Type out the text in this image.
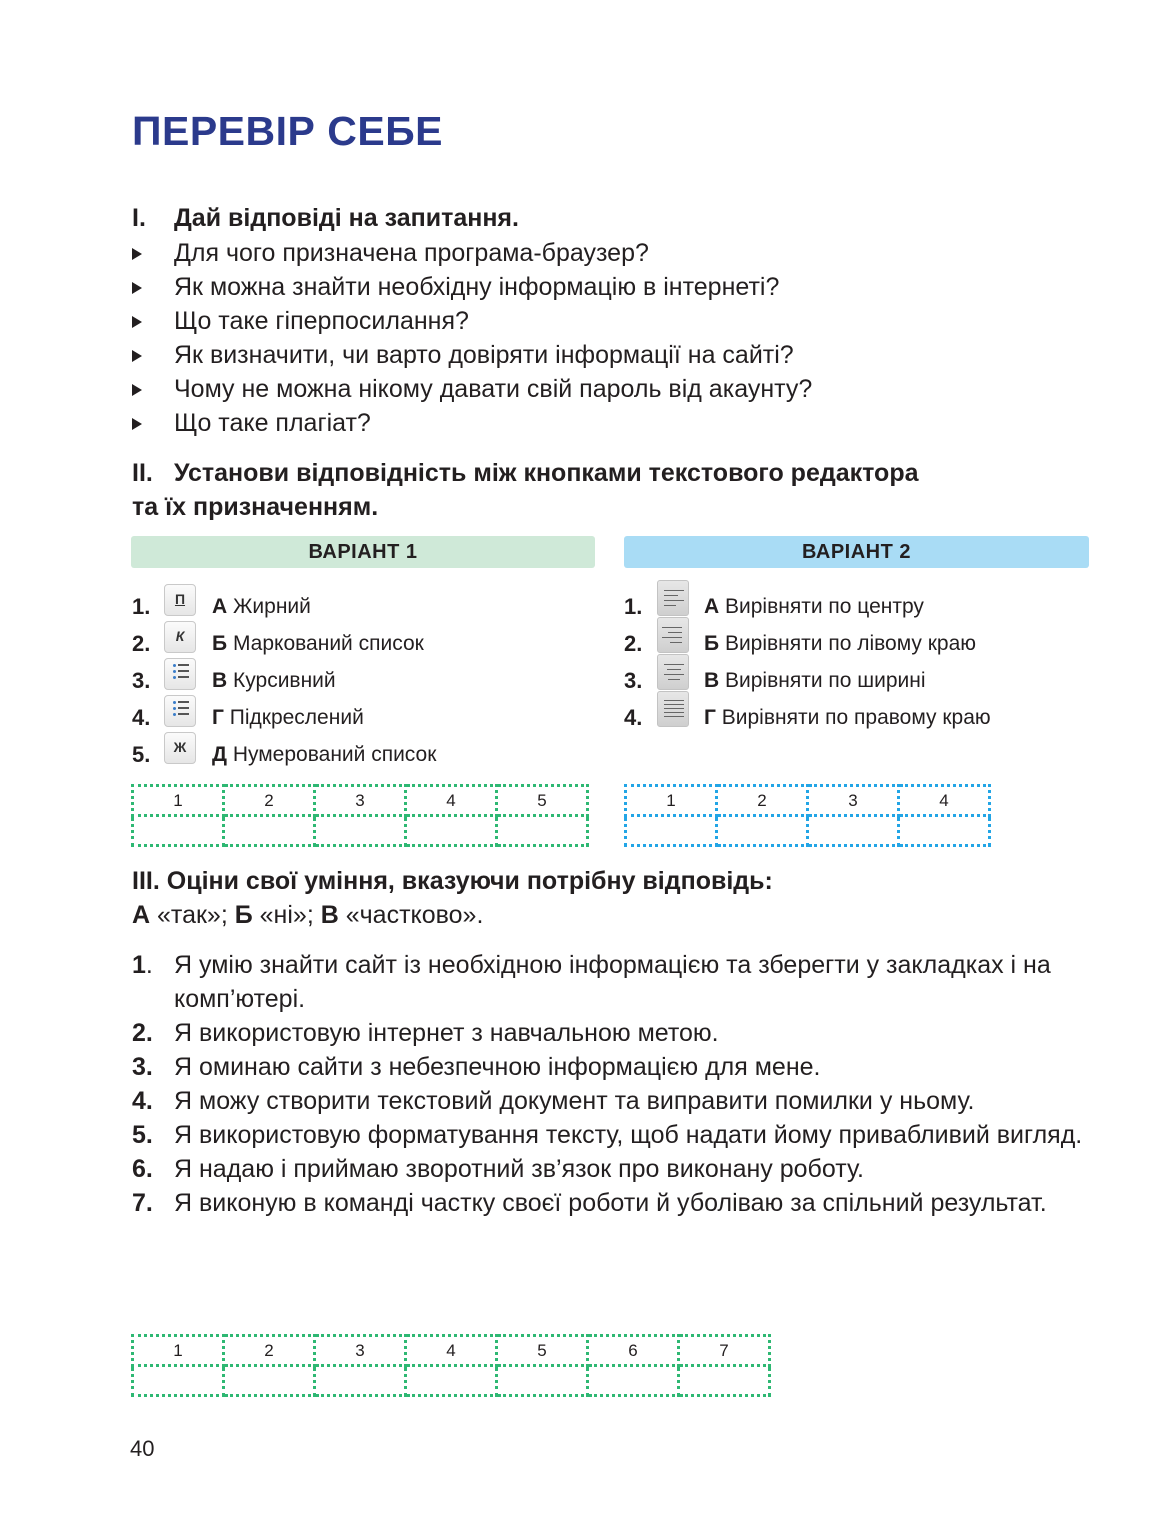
ПЕРЕВІР СЕБЕ
I. Дай відповіді на запитання.
Для чого призначена програма-браузер?
Як можна знайти необхідну інформацію в інтернеті?
Що таке гіперпосилання?
Як визначити, чи варто довіряти інформації на сайті?
Чому не можна нікому давати свій пароль від акаунту?
Що таке плагіат?
II. Установи відповідність між кнопками текстового редактора
та їх призначенням.
ВАРІАНТ 1	ВАРІАНТ 2
1.	П	А Жирний
2.	К	Б Маркований список
3.	В Курсивний
4.	Г Підкреслений
5.	Ж	Д Нумерований список
1.	А Вирівняти по центру
2.	Б Вирівняти по лівому краю
3.	В Вирівняти по ширині
4.	Г Вирівняти по правому краю
1	2	3	4	5
					1	2	3	4

III. Оціни свої уміння, вказуючи потрібну відповідь:
А «так»; Б «ні»; В «частково».
1. Я умію знайти сайт із необхідною інформацією та зберегти у закладках і на комп’ютері.
2. Я використовую інтернет з навчальною метою.
3. Я оминаю сайти з небезпечною інформацією для мене.
4. Я можу створити текстовий документ та виправити помилки у ньому.
5. Я використовую форматування тексту, щоб надати йому привабливий вигляд.
6. Я надаю і приймаю зворотний зв’язок про виконану роботу.
7. Я виконую в команді частку своєї роботи й уболіваю за спільний результат.
1	2	3	4	5	6	7

40
